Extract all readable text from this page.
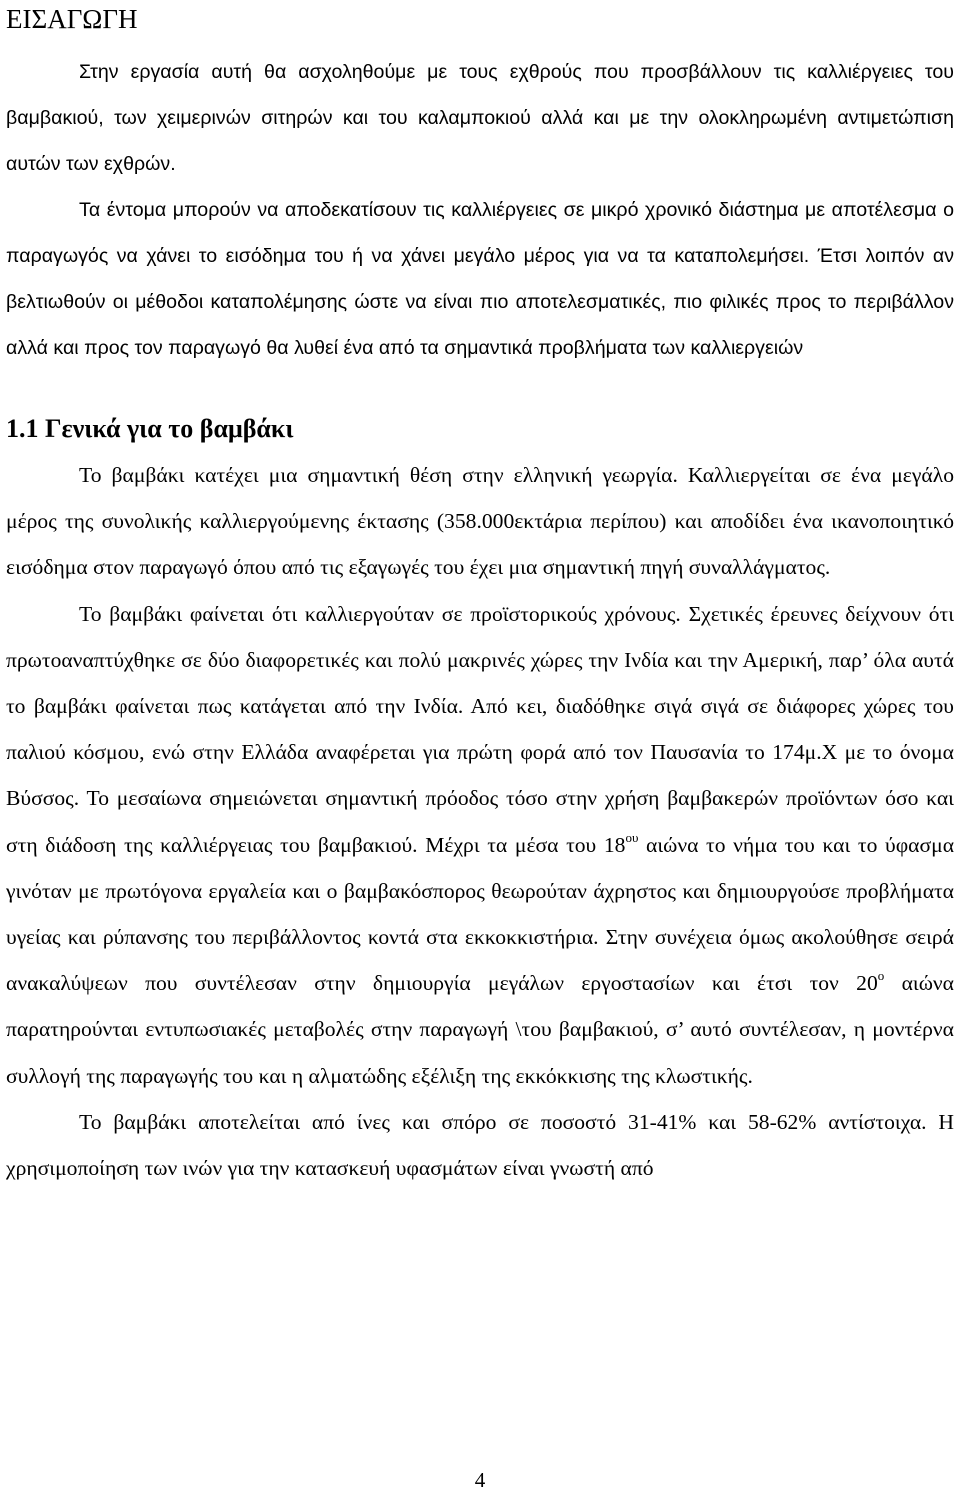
ΕΙΣΑΓΩΓΗ

Στην εργασία αυτή θα ασχοληθούμε με τους εχθρούς που προσβάλλουν τις καλλιέργειες του βαμβακιού, των χειμερινών σιτηρών και του καλαμποκιού αλλά και με την ολοκληρωμένη αντιμετώπιση αυτών των εχθρών.

Τα έντομα μπορούν να αποδεκατίσουν τις καλλιέργειες σε μικρό χρονικό διάστημα με αποτέλεσμα ο παραγωγός να χάνει το εισόδημα του ή να χάνει μεγάλο μέρος για να τα καταπολεμήσει. Έτσι λοιπόν αν βελτιωθούν οι μέθοδοι καταπολέμησης ώστε να είναι πιο αποτελεσματικές, πιο φιλικές προς το περιβάλλον αλλά και προς τον παραγωγό θα λυθεί ένα από τα σημαντικά προβλήματα των καλλιεργειών

1.1 Γενικά για το βαμβάκι

Το βαμβάκι κατέχει μια σημαντική θέση στην ελληνική γεωργία. Καλλιεργείται σε ένα μεγάλο μέρος της συνολικής καλλιεργούμενης έκτασης (358.000εκτάρια περίπου) και αποδίδει ένα ικανοποιητικό εισόδημα στον παραγωγό όπου από τις εξαγωγές του έχει μια σημαντική πηγή συναλλάγματος.

Το βαμβάκι φαίνεται ότι καλλιεργούταν σε προϊστορικούς χρόνους. Σχετικές έρευνες δείχνουν ότι πρωτοαναπτύχθηκε σε δύο διαφορετικές και πολύ μακρινές χώρες την Ινδία και την Αμερική, παρ’ όλα αυτά το βαμβάκι φαίνεται πως κατάγεται από την Ινδία. Από κει, διαδόθηκε σιγά σιγά σε διάφορες χώρες του παλιού κόσμου, ενώ στην Ελλάδα αναφέρεται για πρώτη φορά από τον Παυσανία το 174μ.Χ με το όνομα Βύσσος. Το μεσαίωνα σημειώνεται σημαντική πρόοδος τόσο στην χρήση βαμβακερών προϊόντων όσο και στη διάδοση της καλλιέργειας του βαμβακιού. Μέχρι τα μέσα του $18^{o\upsilon}$ αιώνα το νήμα του και το ύφασμα γινόταν με πρωτόγονα εργαλεία και ο βαμβακόσπορος θεωρούταν άχρηστος και δημιουργούσε προβλήματα υγείας και ρύπανσης του περιβάλλοντος κοντά στα εκκοκκιστήρια. Στην συνέχεια όμως ακολούθησε σειρά ανακαλύψεων που συντέλεσαν στην δημιουργία μεγάλων εργοστασίων και έτσι τον $20^o$ αιώνα παρατηρούνται εντυπωσιακές μεταβολές στην παραγωγή \του βαμβακιού, σ’ αυτό συντέλεσαν, η μοντέρνα συλλογή της παραγωγής του και η αλματώδης εξέλιξη της εκκόκκισης της κλωστικής.

Το βαμβάκι αποτελείται από ίνες και σπόρο σε ποσοστό 31-41% και 58-62% αντίστοιχα. Η χρησιμοποίηση των ινών για την κατασκευή υφασμάτων είναι γνωστή από

4
